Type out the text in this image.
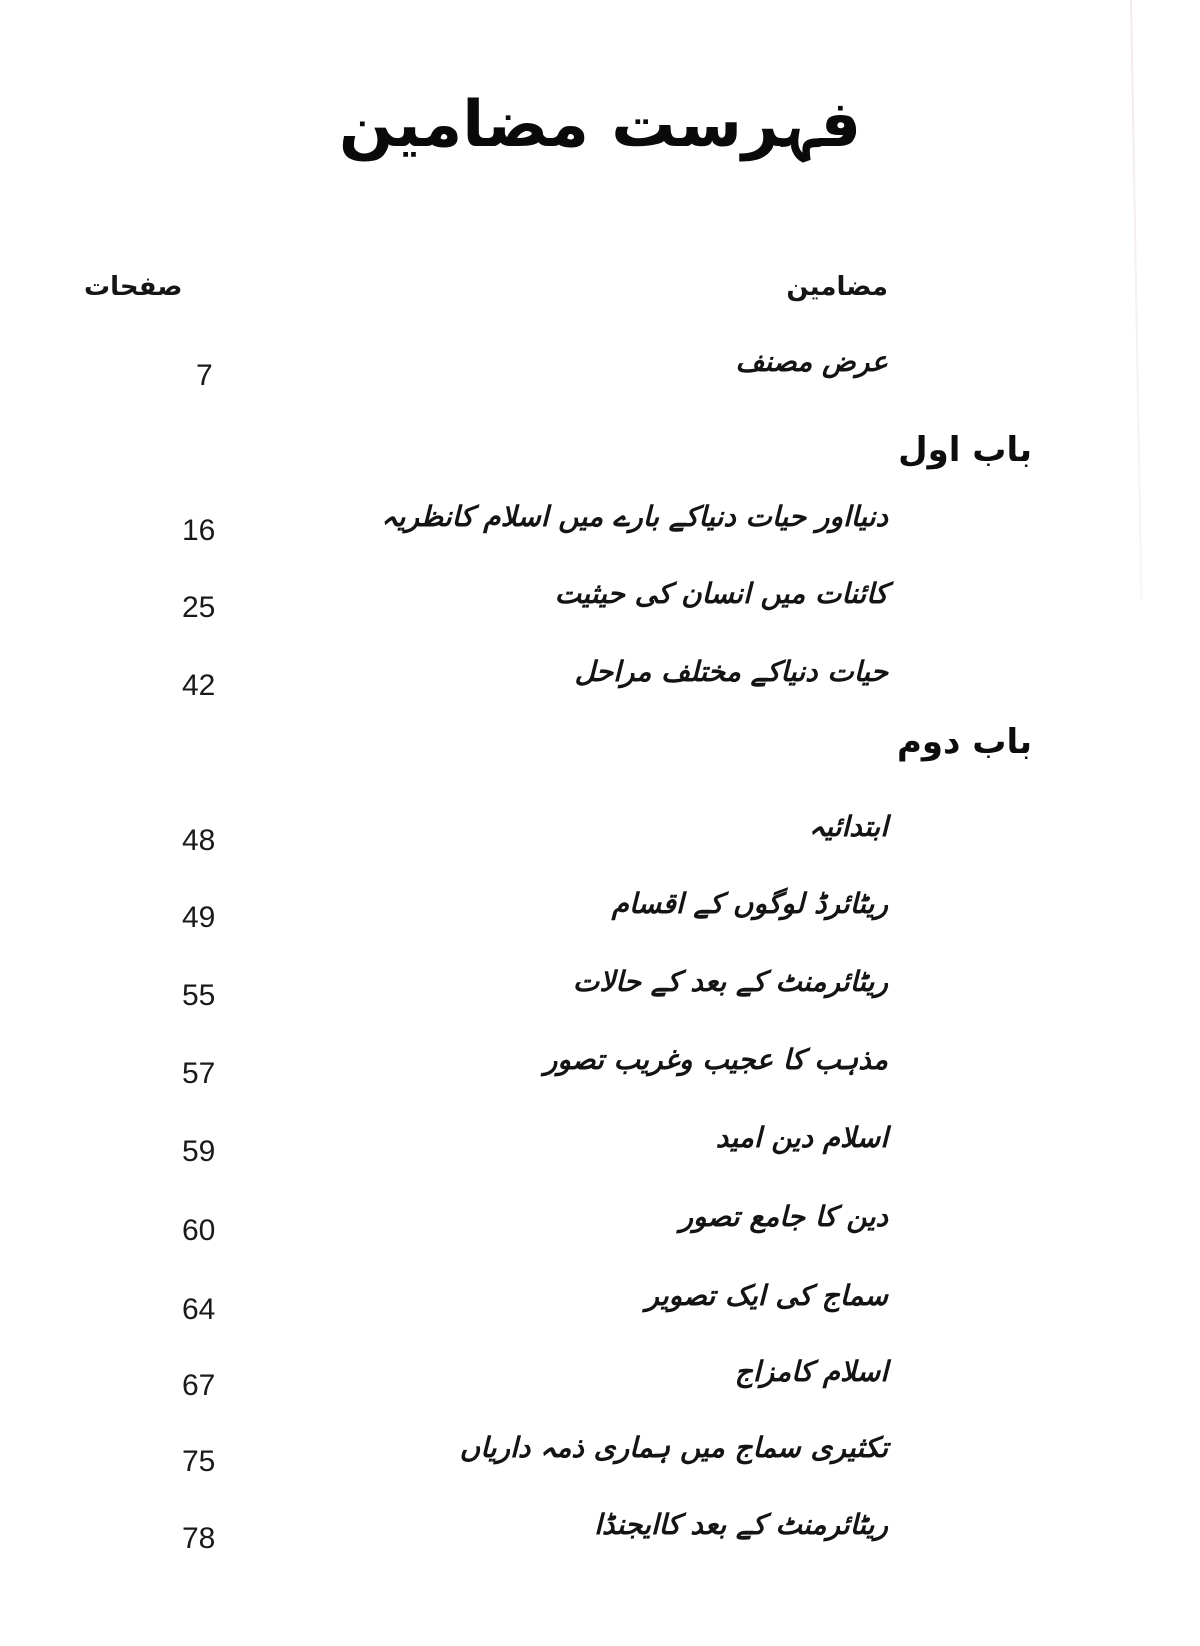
فہرست مضامین
مضامین
صفحات
عرض مصنف
7
باب اول
دنیااور حیات دنیاکے بارے میں اسلام کانظریہ
16
کائنات میں انسان کی حیثیت
25
حیات دنیاکے مختلف مراحل
42
باب دوم
ابتدائیہ
48
ریٹائرڈ لوگوں کے اقسام
49
ریٹائرمنٹ کے بعد کے حالات
55
مذہب کا عجیب وغریب تصور
57
اسلام دین امید
59
دین کا جامع تصور
60
سماج کی ایک تصویر
64
اسلام کامزاج
67
تکثیری سماج میں ہماری ذمہ داریاں
75
ریٹائرمنٹ کے بعد کاایجنڈا
78
